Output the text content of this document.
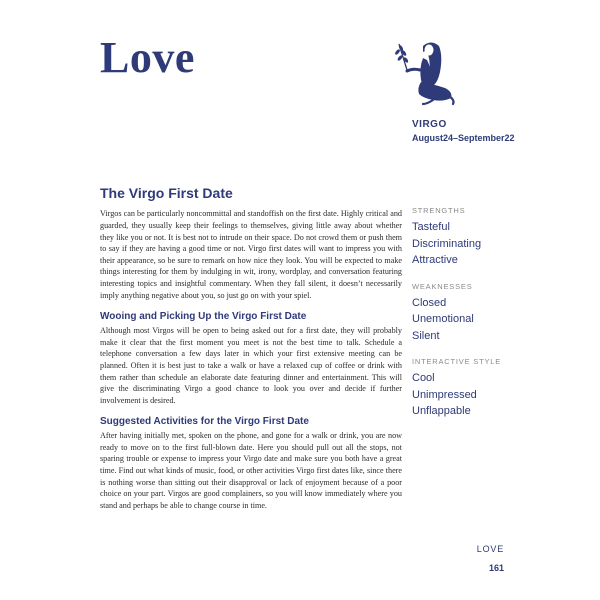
Love
VIRGO
August24–September22
The Virgo First Date

Virgos can be particularly noncommittal and standoffish on the first date. Highly critical and guarded, they usually keep their feelings to themselves, giving little away about whether they like you or not. It is best not to intrude on their space. Do not crowd them or push them to say if they are having a good time or not. Virgo first dates will want to impress you with their appearance, so be sure to remark on how nice they look. You will be expected to make things interesting for them by indulging in wit, irony, wordplay, and conversation featuring interesting topics and insightful commentary. When they fall silent, it doesn’t necessarily imply anything negative about you, so just go on with your spiel.

Wooing and Picking Up the Virgo First Date

Although most Virgos will be open to being asked out for a first date, they will probably make it clear that the first moment you meet is not the best time to talk. Schedule a telephone conversation a few days later in which your first extensive meeting can be planned. Often it is best just to take a walk or have a relaxed cup of coffee or drink with them rather than schedule an elaborate date featuring dinner and entertainment. This will give the discriminating Virgo a good chance to look you over and decide if further involvement is desired.

Suggested Activities for the Virgo First Date

After having initially met, spoken on the phone, and gone for a walk or drink, you are now ready to move on to the first full-blown date. Here you should pull out all the stops, not sparing trouble or expense to impress your Virgo date and make sure you both have a great time. Find out what kinds of music, food, or other activities Virgo first dates like, since there is nothing worse than sitting out their disapproval or lack of enjoyment because of a poor choice on your part. Virgos are good complainers, so you will know immediately where you stand and perhaps be able to change course in time.

STRENGTHS
Tasteful
Discriminating
Attractive
WEAKNESSES
Closed
Unemotional
Silent
INTERACTIVE STYLE
Cool
Unimpressed
Unflappable
LOVE
161
